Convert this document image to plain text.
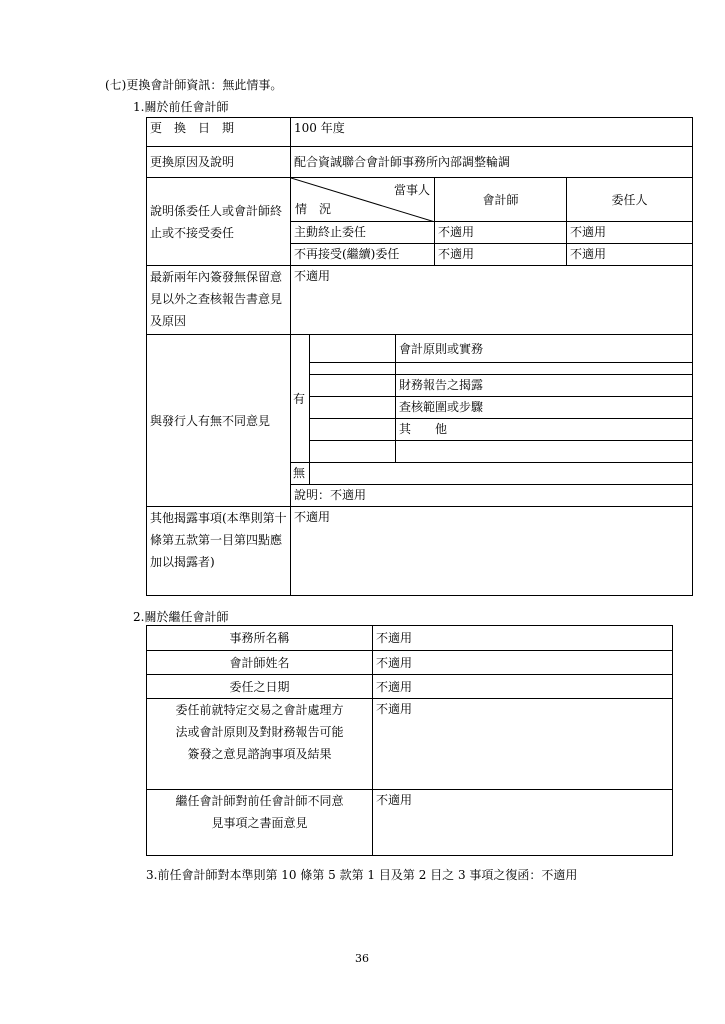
(七)更換會計師資訊：無此情事。
1.關於前任會計師
更　換　日　期	100 年度				
更換原因及說明	配合資誠聯合會計師事務所內部調整輪調				
說明係委任人或會計師終止或不接受委任	當事人
情　況			會計師	委任人
	主動終止委任			不適用	不適用
	不再接受(繼續)委任			不適用	不適用
最新兩年內簽發無保留意見以外之查核報告書意見及原因	不適用				
與發行人有無不同意見	有		會計原則或實務		

			財務報告之揭露		
			查核範圍或步驟		
			其　　他		

	無				
	說明：不適用				
其他揭露事項(本準則第十條第五款第一目第四點應加以揭露者)	不適用				
2.關於繼任會計師
事務所名稱	不適用
會計師姓名	不適用
委任之日期	不適用
委任前就特定交易之會計處理方法或會計原則及對財務報告可能簽發之意見諮詢事項及結果	不適用
繼任會計師對前任會計師不同意見事項之書面意見	不適用
3.前任會計師對本準則第 10 條第 5 款第 1 目及第 2 目之 3 事項之復函：不適用
36
